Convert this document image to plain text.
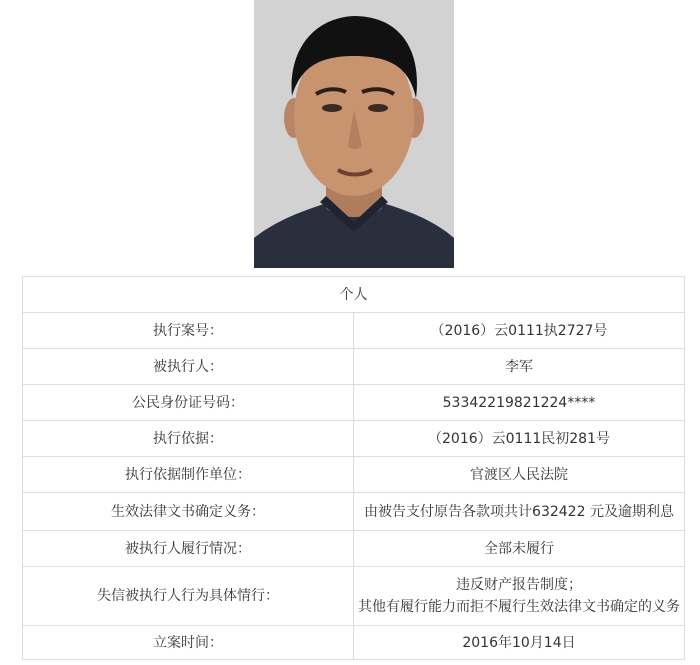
个人	
执行案号：	（2016）云0111执2727号
被执行人：	李军
公民身份证号码：	53342219821224****
执行依据：	（2016）云0111民初281号
执行依据制作单位：	官渡区人民法院
生效法律文书确定义务：	由被告支付原告各款项共计632422 元及逾期利息
被执行人履行情况：	全部未履行
失信被执行人行为具体情行：	违反财产报告制度；
其他有履行能力而拒不履行生效法律文书确定的义务

立案时间：	2016年10月14日
